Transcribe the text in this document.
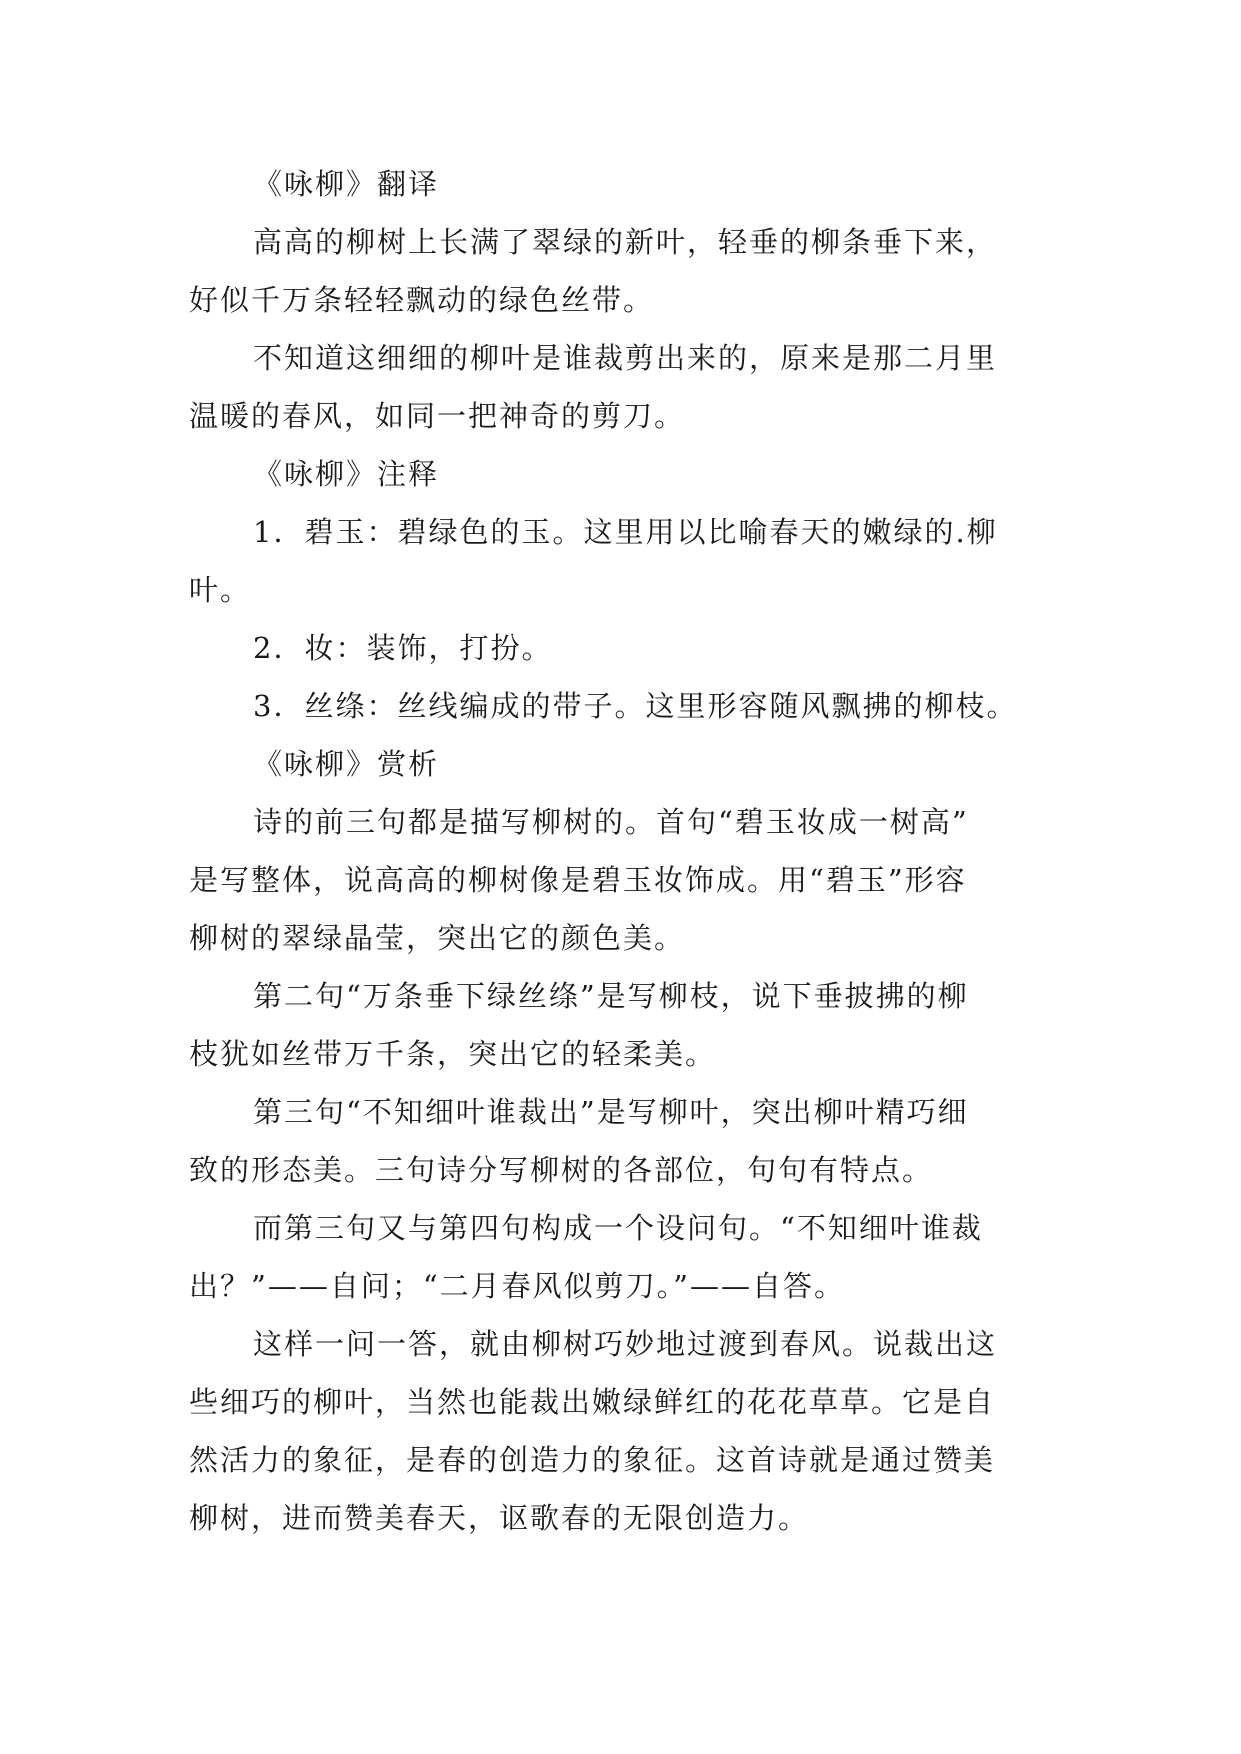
《咏柳》翻译
高高的柳树上长满了翠绿的新叶，轻垂的柳条垂下来，
好似千万条轻轻飘动的绿色丝带。
不知道这细细的柳叶是谁裁剪出来的，原来是那二月里
温暖的春风，如同一把神奇的剪刀。
《咏柳》注释
1．碧玉：碧绿色的玉。这里用以比喻春天的嫩绿的.柳
叶。
2．妆：装饰，打扮。
3．丝绦：丝线编成的带子。这里形容随风飘拂的柳枝。
《咏柳》赏析
诗的前三句都是描写柳树的。首句“碧玉妆成一树高”
是写整体，说高高的柳树像是碧玉妆饰成。用“碧玉”形容
柳树的翠绿晶莹，突出它的颜色美。
第二句“万条垂下绿丝绦”是写柳枝，说下垂披拂的柳
枝犹如丝带万千条，突出它的轻柔美。
第三句“不知细叶谁裁出”是写柳叶，突出柳叶精巧细
致的形态美。三句诗分写柳树的各部位，句句有特点。
而第三句又与第四句构成一个设问句。“不知细叶谁裁
出？”——自问；“二月春风似剪刀。”——自答。
这样一问一答，就由柳树巧妙地过渡到春风。说裁出这
些细巧的柳叶，当然也能裁出嫩绿鲜红的花花草草。它是自
然活力的象征，是春的创造力的象征。这首诗就是通过赞美
柳树，进而赞美春天，讴歌春的无限创造力。
